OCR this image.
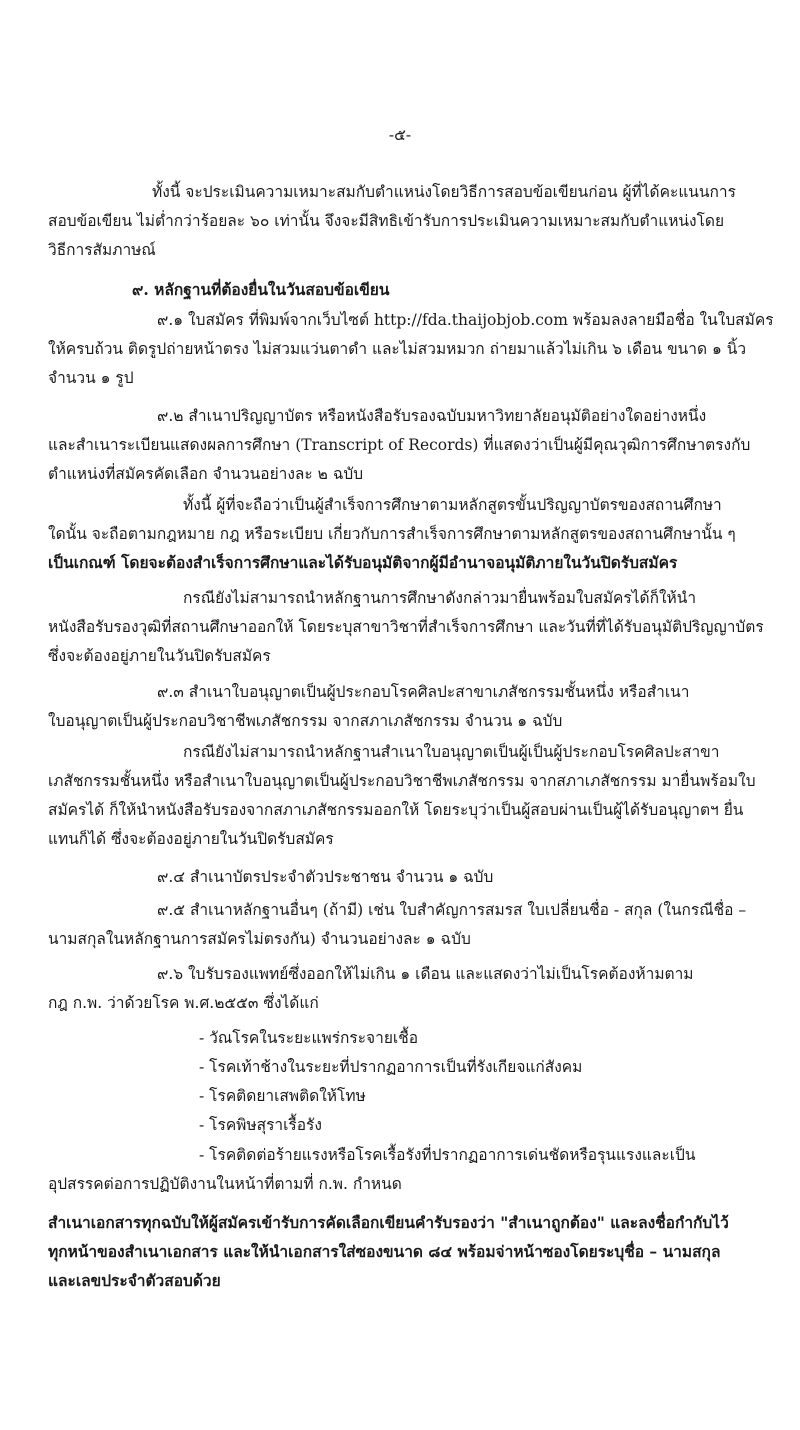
-๕-
ทั้งนี้ จะประเมินความเหมาะสมกับตำแหน่งโดยวิธีการสอบข้อเขียนก่อน ผู้ที่ได้คะแนนการ
สอบข้อเขียน ไม่ต่ำกว่าร้อยละ ๖๐ เท่านั้น จึงจะมีสิทธิเข้ารับการประเมินความเหมาะสมกับตำแหน่งโดย
วิธีการสัมภาษณ์
๙. หลักฐานที่ต้องยื่นในวันสอบข้อเขียน
๙.๑ ใบสมัคร ที่พิมพ์จากเว็บไซต์ http://fda.thaijobjob.com พร้อมลงลายมือชื่อ ในใบสมัคร
ให้ครบถ้วน ติดรูปถ่ายหน้าตรง ไม่สวมแว่นตาดำ และไม่สวมหมวก ถ่ายมาแล้วไม่เกิน ๖ เดือน ขนาด ๑ นิ้ว
จำนวน ๑ รูป
๙.๒ สำเนาปริญญาบัตร หรือหนังสือรับรองฉบับมหาวิทยาลัยอนุมัติอย่างใดอย่างหนึ่ง
และสำเนาระเบียนแสดงผลการศึกษา (Transcript of Records) ที่แสดงว่าเป็นผู้มีคุณวุฒิการศึกษาตรงกับ
ตำแหน่งที่สมัครคัดเลือก จำนวนอย่างละ ๒ ฉบับ
ทั้งนี้ ผู้ที่จะถือว่าเป็นผู้สำเร็จการศึกษาตามหลักสูตรขั้นปริญญาบัตรของสถานศึกษา
ใดนั้น จะถือตามกฎหมาย กฎ หรือระเบียบ เกี่ยวกับการสำเร็จการศึกษาตามหลักสูตรของสถานศึกษานั้น ๆ
เป็นเกณฑ์ โดยจะต้องสำเร็จการศึกษาและได้รับอนุมัติจากผู้มีอำนาจอนุมัติภายในวันปิดรับสมัคร
กรณียังไม่สามารถนำหลักฐานการศึกษาดังกล่าวมายื่นพร้อมใบสมัครได้ก็ให้นำ
หนังสือรับรองวุฒิที่สถานศึกษาออกให้ โดยระบุสาขาวิชาที่สำเร็จการศึกษา และวันที่ที่ได้รับอนุมัติปริญญาบัตร
ซึ่งจะต้องอยู่ภายในวันปิดรับสมัคร
๙.๓ สำเนาใบอนุญาตเป็นผู้ประกอบโรคศิลปะสาขาเภสัชกรรมชั้นหนึ่ง หรือสำเนา
ใบอนุญาตเป็นผู้ประกอบวิชาชีพเภสัชกรรม จากสภาเภสัชกรรม จำนวน ๑ ฉบับ
กรณียังไม่สามารถนำหลักฐานสำเนาใบอนุญาตเป็นผู้เป็นผู้ประกอบโรคศิลปะสาขา
เภสัชกรรมชั้นหนึ่ง หรือสำเนาใบอนุญาตเป็นผู้ประกอบวิชาชีพเภสัชกรรม จากสภาเภสัชกรรม มายื่นพร้อมใบ
สมัครได้ ก็ให้นำหนังสือรับรองจากสภาเภสัชกรรมออกให้ โดยระบุว่าเป็นผู้สอบผ่านเป็นผู้ได้รับอนุญาตฯ ยื่น
แทนก็ได้ ซึ่งจะต้องอยู่ภายในวันปิดรับสมัคร
๙.๔ สำเนาบัตรประจำตัวประชาชน จำนวน ๑ ฉบับ
๙.๕ สำเนาหลักฐานอื่นๆ (ถ้ามี) เช่น ใบสำคัญการสมรส ใบเปลี่ยนชื่อ - สกุล (ในกรณีชื่อ –
นามสกุลในหลักฐานการสมัครไม่ตรงกัน) จำนวนอย่างละ ๑ ฉบับ
๙.๖ ใบรับรองแพทย์ซึ่งออกให้ไม่เกิน ๑ เดือน และแสดงว่าไม่เป็นโรคต้องห้ามตาม
กฎ ก.พ. ว่าด้วยโรค พ.ศ.๒๕๕๓ ซึ่งได้แก่
- วัณโรคในระยะแพร่กระจายเชื้อ
- โรคเท้าช้างในระยะที่ปรากฏอาการเป็นที่รังเกียจแก่สังคม
- โรคติดยาเสพติดให้โทษ
- โรคพิษสุราเรื้อรัง
- โรคติดต่อร้ายแรงหรือโรคเรื้อรังที่ปรากฏอาการเด่นชัดหรือรุนแรงและเป็น
อุปสรรคต่อการปฏิบัติงานในหน้าที่ตามที่ ก.พ. กำหนด
สำเนาเอกสารทุกฉบับให้ผู้สมัครเข้ารับการคัดเลือกเขียนคำรับรองว่า "สำเนาถูกต้อง" และลงชื่อกำกับไว้
ทุกหน้าของสำเนาเอกสาร และให้นำเอกสารใส่ซองขนาด ๘๔ พร้อมจ่าหน้าซองโดยระบุชื่อ – นามสกุล
และเลขประจำตัวสอบด้วย
